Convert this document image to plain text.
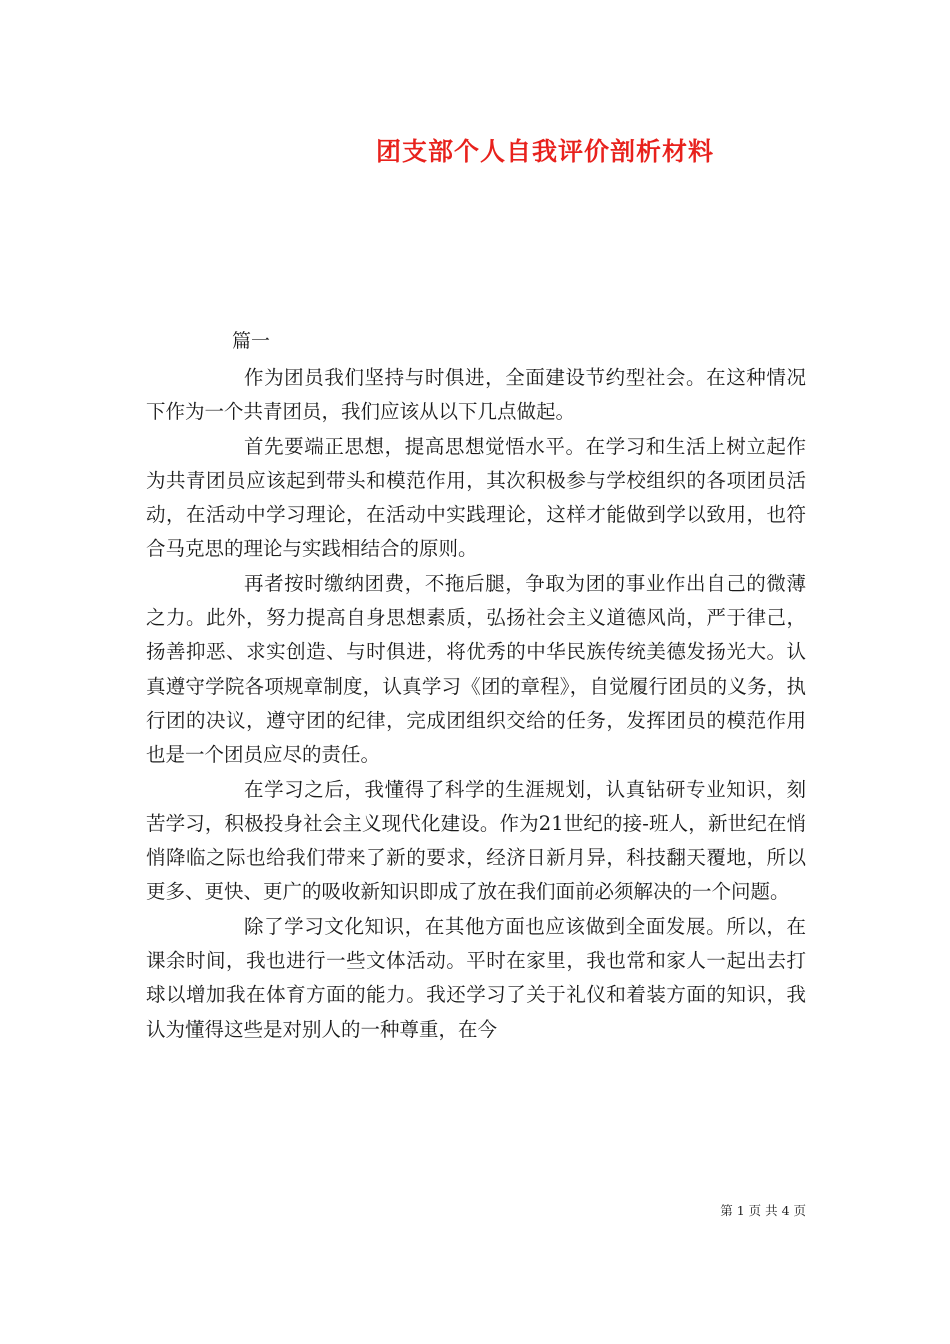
团支部个人自我评价剖析材料
篇一

作为团员我们坚持与时俱进，全面建设节约型社会。在这种情况下作为一个共青团员，我们应该从以下几点做起。

首先要端正思想，提高思想觉悟水平。在学习和生活上树立起作为共青团员应该起到带头和模范作用，其次积极参与学校组织的各项团员活动，在活动中学习理论，在活动中实践理论，这样才能做到学以致用，也符合马克思的理论与实践相结合的原则。

再者按时缴纳团费，不拖后腿，争取为团的事业作出自己的微薄之力。此外，努力提高自身思想素质，弘扬社会主义道德风尚，严于律己，扬善抑恶、求实创造、与时俱进，将优秀的中华民族传统美德发扬光大。认真遵守学院各项规章制度，认真学习《团的章程》，自觉履行团员的义务，执行团的决议，遵守团的纪律，完成团组织交给的任务，发挥团员的模范作用也是一个团员应尽的责任。

在学习之后，我懂得了科学的生涯规划，认真钻研专业知识，刻苦学习，积极投身社会主义现代化建设。作为21世纪的接-班人，新世纪在悄悄降临之际也给我们带来了新的要求，经济日新月异，科技翻天覆地，所以更多、更快、更广的吸收新知识即成了放在我们面前必须解决的一个问题。

除了学习文化知识，在其他方面也应该做到全面发展。所以，在课余时间，我也进行一些文体活动。平时在家里，我也常和家人一起出去打球以增加我在体育方面的能力。我还学习了关于礼仪和着装方面的知识，我认为懂得这些是对别人的一种尊重，在今

第 1 页 共 4 页
